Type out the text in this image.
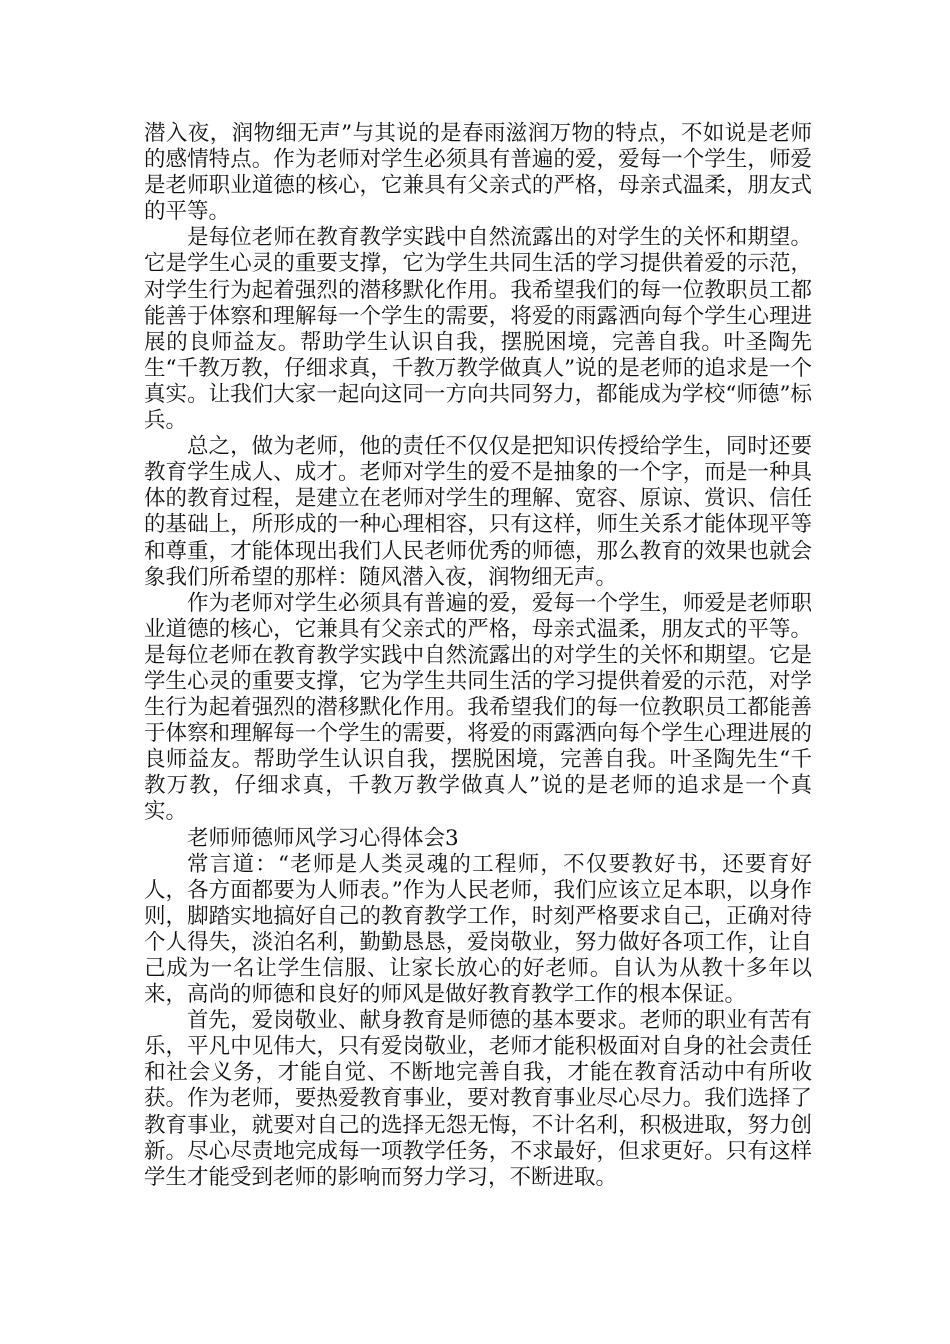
潜入夜，润物细无声”与其说的是春雨滋润万物的特点，不如说是老师的感情特点。作为老师对学生必须具有普遍的爱，爱每一个学生，师爱是老师职业道德的核心，它兼具有父亲式的严格，母亲式温柔，朋友式的平等。

是每位老师在教育教学实践中自然流露出的对学生的关怀和期望。它是学生心灵的重要支撑，它为学生共同生活的学习提供着爱的示范，对学生行为起着强烈的潜移默化作用。我希望我们的每一位教职员工都能善于体察和理解每一个学生的需要，将爱的雨露洒向每个学生心理进展的良师益友。帮助学生认识自我，摆脱困境，完善自我。叶圣陶先生“千教万教，仔细求真，千教万教学做真人”说的是老师的追求是一个真实。让我们大家一起向这同一方向共同努力，都能成为学校“师德”标兵。

总之，做为老师，他的责任不仅仅是把知识传授给学生，同时还要教育学生成人、成才。老师对学生的爱不是抽象的一个字，而是一种具体的教育过程，是建立在老师对学生的理解、宽容、原谅、赏识、信任的基础上，所形成的一种心理相容，只有这样，师生关系才能体现平等和尊重，才能体现出我们人民老师优秀的师德，那么教育的效果也就会象我们所希望的那样：随风潜入夜，润物细无声。

作为老师对学生必须具有普遍的爱，爱每一个学生，师爱是老师职业道德的核心，它兼具有父亲式的严格，母亲式温柔，朋友式的平等。是每位老师在教育教学实践中自然流露出的对学生的关怀和期望。它是学生心灵的重要支撑，它为学生共同生活的学习提供着爱的示范，对学生行为起着强烈的潜移默化作用。我希望我们的每一位教职员工都能善于体察和理解每一个学生的需要，将爱的雨露洒向每个学生心理进展的良师益友。帮助学生认识自我，摆脱困境，完善自我。叶圣陶先生“千教万教，仔细求真，千教万教学做真人”说的是老师的追求是一个真实。

老师师德师风学习心得体会3

常言道：“老师是人类灵魂的工程师，不仅要教好书，还要育好人，各方面都要为人师表。”作为人民老师，我们应该立足本职，以身作则，脚踏实地搞好自己的教育教学工作，时刻严格要求自己，正确对待个人得失，淡泊名利，勤勤恳恳，爱岗敬业，努力做好各项工作，让自己成为一名让学生信服、让家长放心的好老师。自认为从教十多年以来，高尚的师德和良好的师风是做好教育教学工作的根本保证。

首先，爱岗敬业、献身教育是师德的基本要求。老师的职业有苦有乐，平凡中见伟大，只有爱岗敬业，老师才能积极面对自身的社会责任和社会义务，才能自觉、不断地完善自我，才能在教育活动中有所收获。作为老师，要热爱教育事业，要对教育事业尽心尽力。我们选择了教育事业，就要对自己的选择无怨无悔，不计名利，积极进取，努力创新。尽心尽责地完成每一项教学任务，不求最好，但求更好。只有这样学生才能受到老师的影响而努力学习，不断进取。
